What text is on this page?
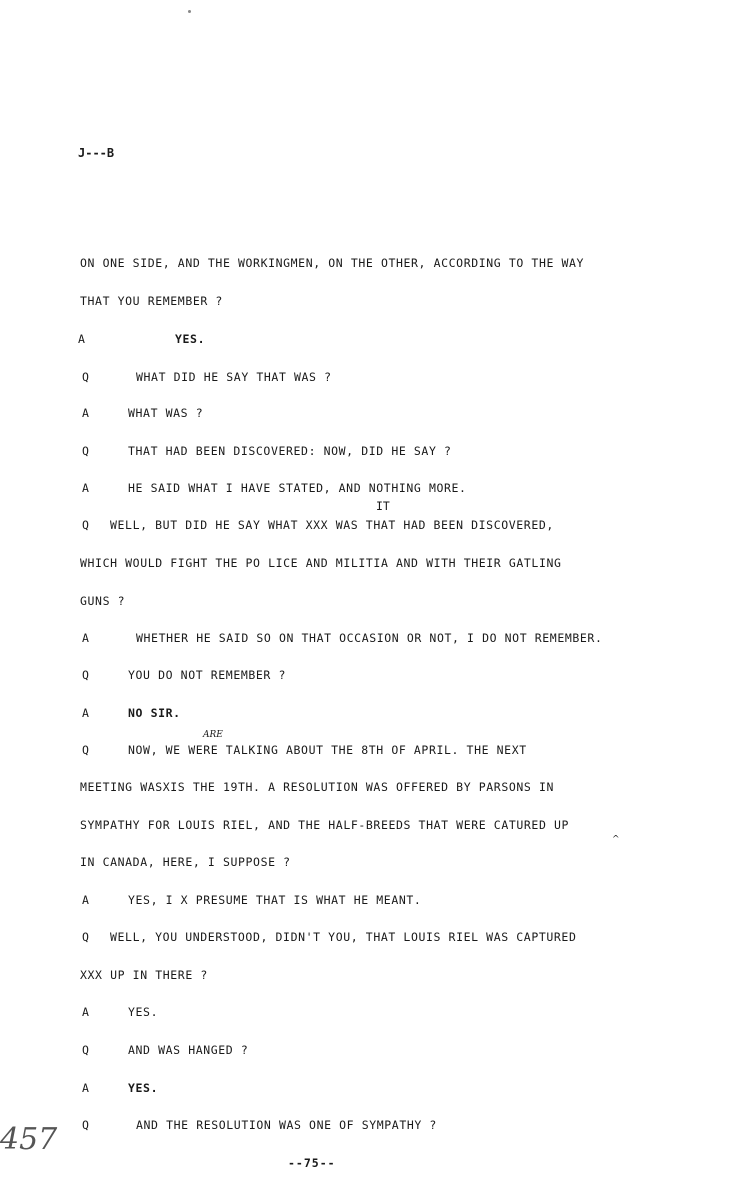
J---B
ON ONE SIDE, AND THE WORKINGMEN, ON THE OTHER, ACCORDING TO THE WAY
THAT YOU REMEMBER ?
A	YES.
Q	WHAT DID HE SAY THAT WAS ?
A	WHAT WAS ?
Q	THAT HAD BEEN DISCOVERED: NOW, DID HE SAY ?
A	HE SAID WHAT I HAVE STATED, AND NOTHING MORE.
IT
Q WELL, BUT DID HE SAY WHAT XXX WAS THAT HAD BEEN DISCOVERED,
WHICH WOULD FIGHT THE PO LICE AND MILITIA AND WITH THEIR GATLING
GUNS ?
A	WHETHER HE SAID SO ON THAT OCCASION OR NOT, I DO NOT REMEMBER.
Q	YOU DO NOT REMEMBER ?
A	NO SIR.
ARE
Q	NOW, WE WERE TALKING ABOUT THE 8TH OF APRIL. THE NEXT
MEETING WASXIS THE 19TH. A RESOLUTION WAS OFFERED BY PARSONS IN
SYMPATHY FOR LOUIS RIEL, AND THE HALF-BREEDS THAT WERE CATURED UP
^
IN CANADA, HERE, I SUPPOSE ?
A	YES, I X PRESUME THAT IS WHAT HE MEANT.
Q WELL, YOU UNDERSTOOD, DIDN'T YOU, THAT LOUIS RIEL WAS CAPTURED
XXX UP IN THERE ?
A	YES.
Q	AND WAS HANGED ?
A	YES.
Q	AND THE RESOLUTION WAS ONE OF SYMPATHY ?
457
--75--
